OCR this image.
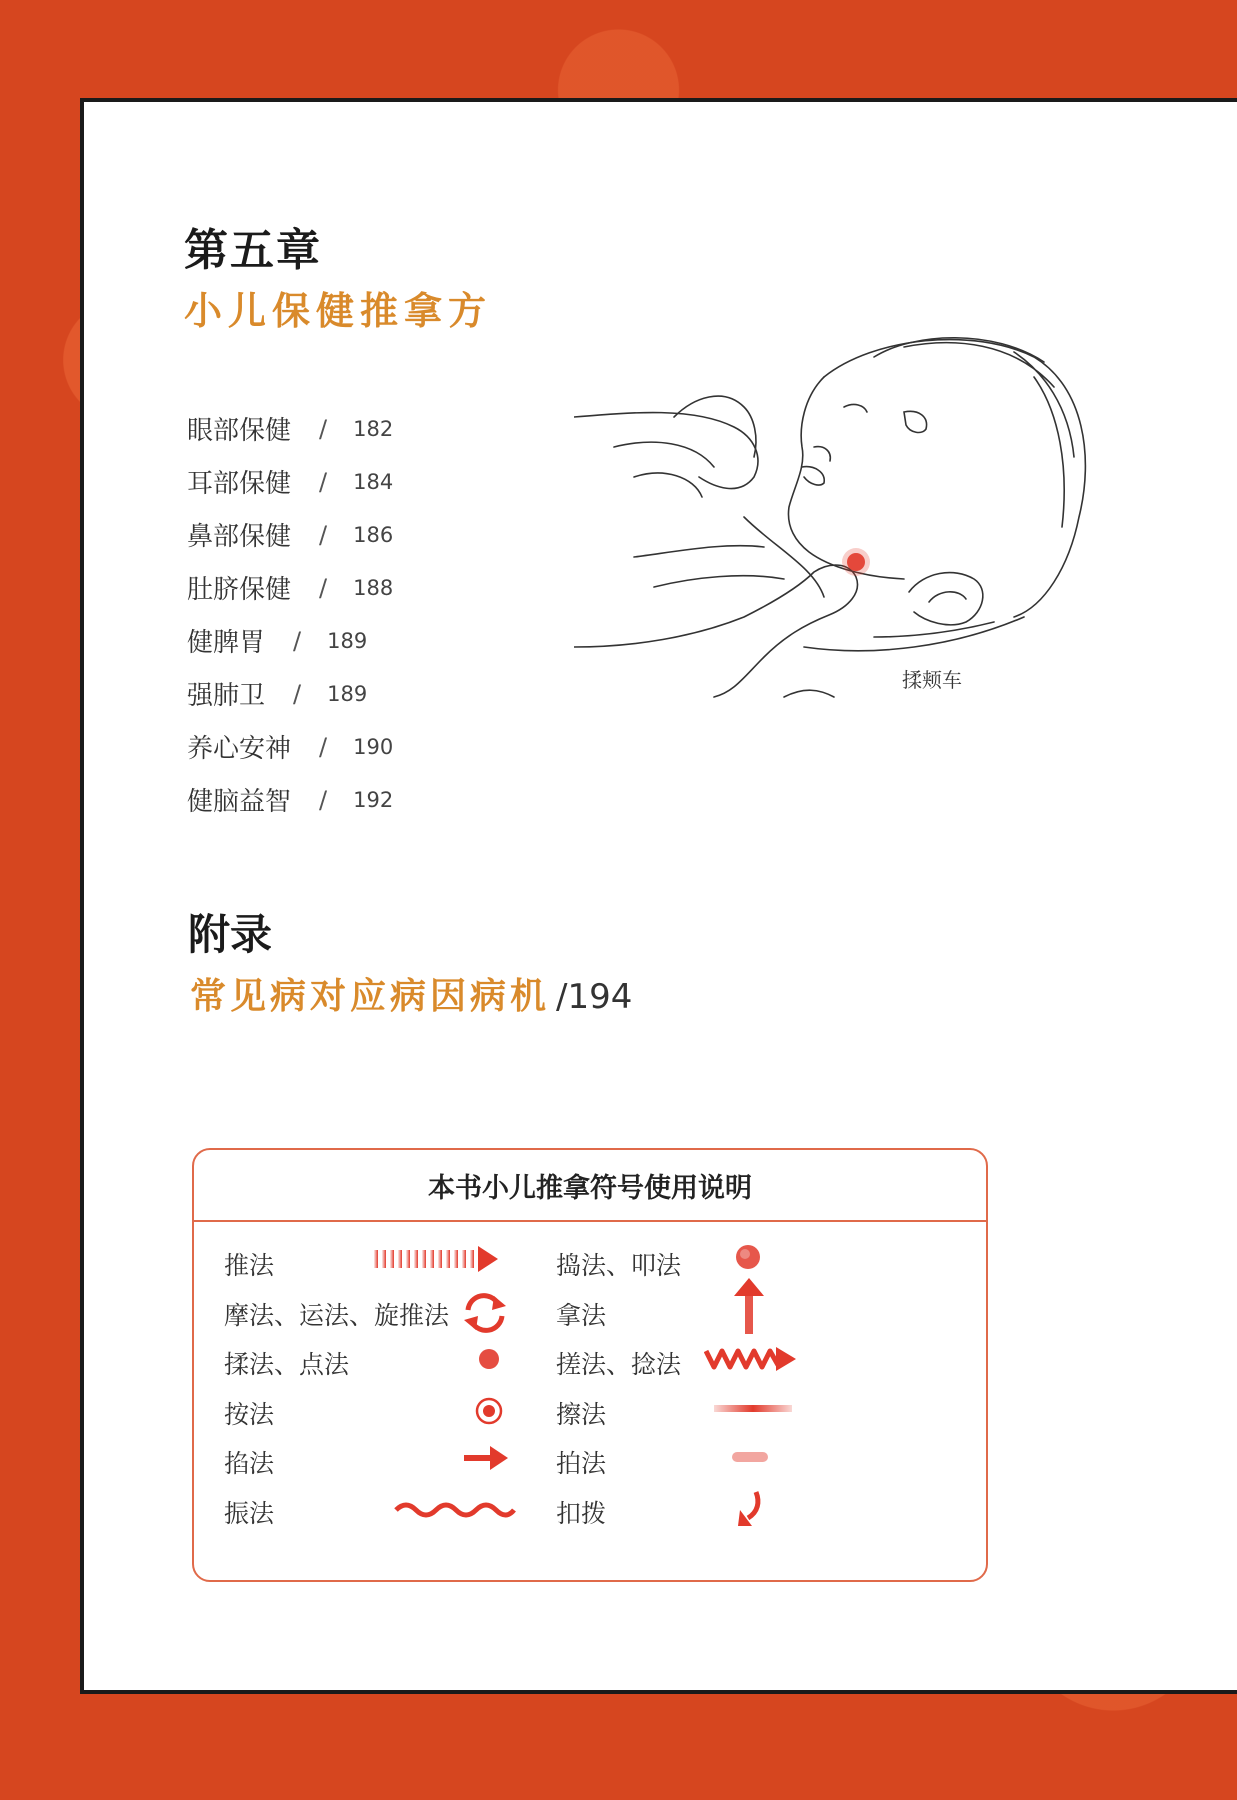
第五章
小儿保健推拿方
眼部保健 / 182
耳部保健 / 184
鼻部保健 / 186
肚脐保健 / 188
健脾胃 / 189
强肺卫 / 189
养心安神 / 190
健脑益智 / 192
揉颊车
附录
常见病对应病因病机 /194
本书小儿推拿符号使用说明
推法
摩法、运法、旋推法
揉法、点法
按法
掐法
振法
捣法、叩法
拿法
搓法、捻法
擦法
拍法
扣拨
